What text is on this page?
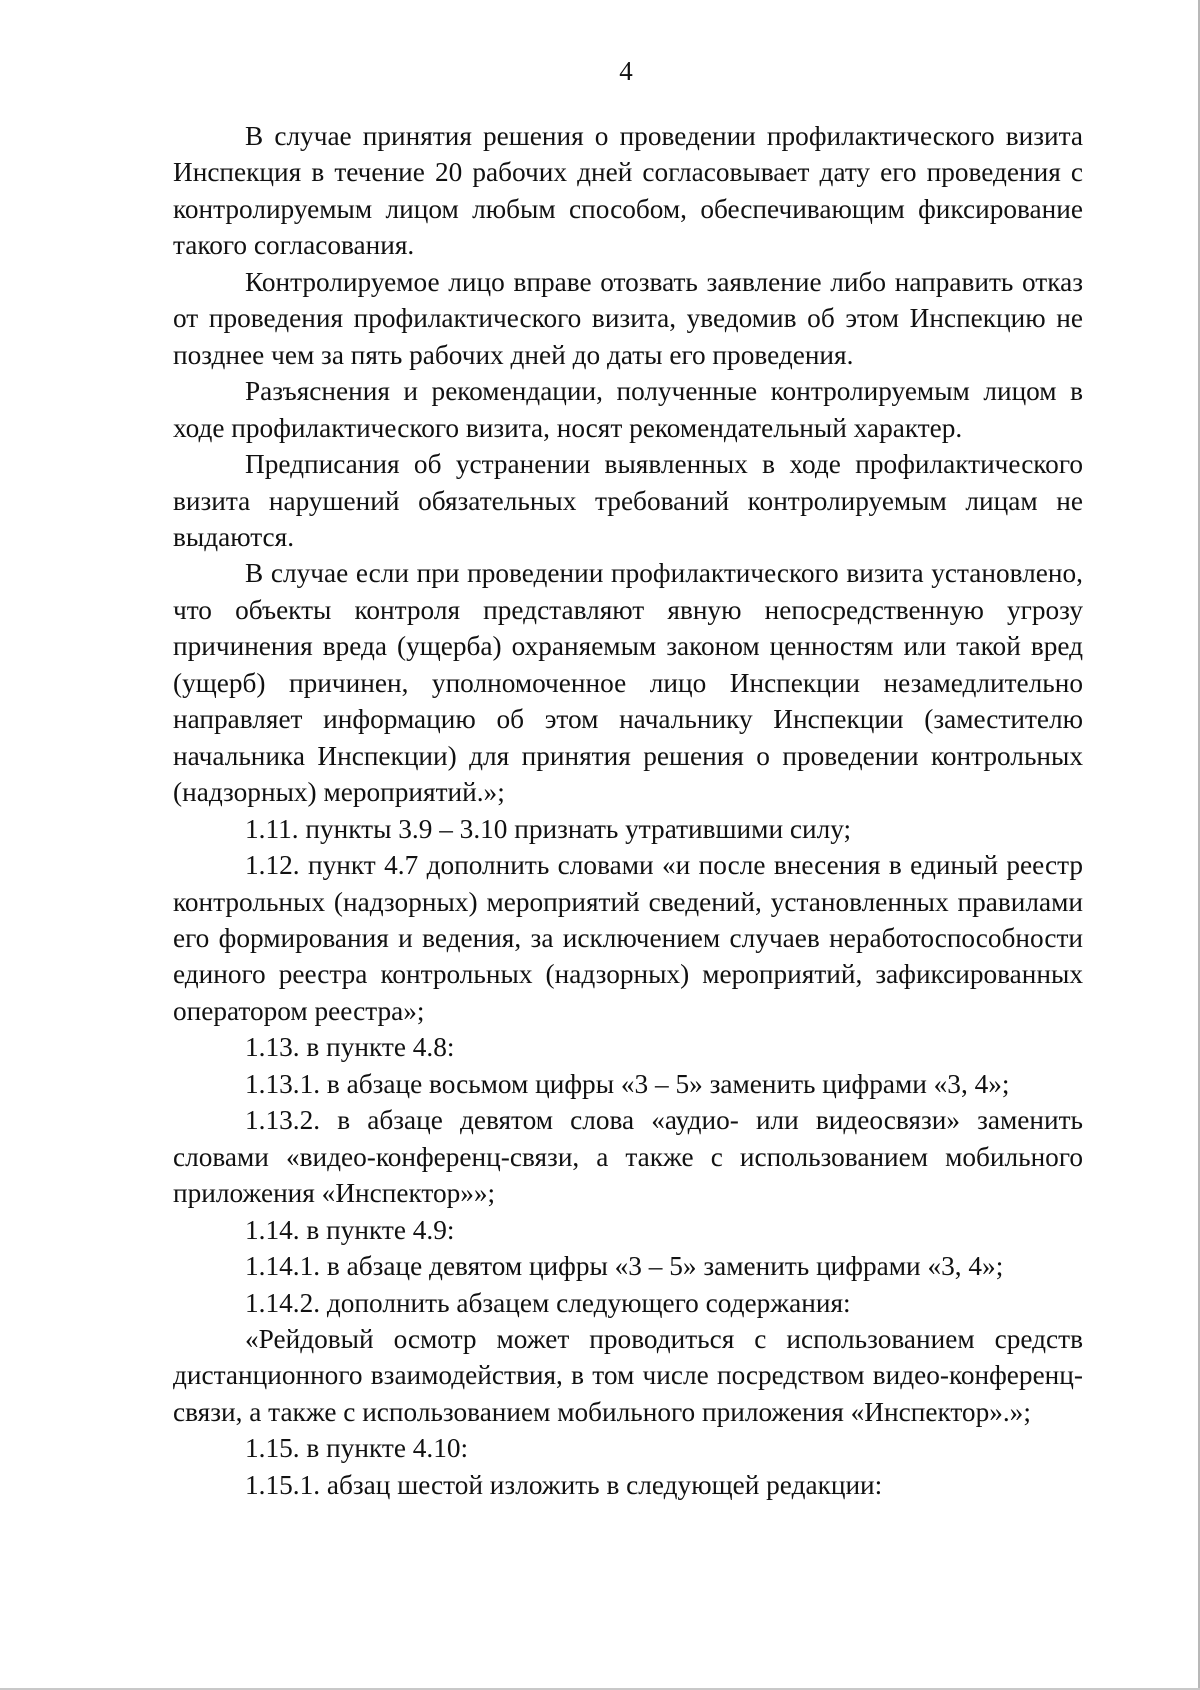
4

В случае принятия решения о проведении профилактического визита Инспекция в течение 20 рабочих дней согласовывает дату его проведения с контролируемым лицом любым способом, обеспечивающим фиксирование такого согласования.

Контролируемое лицо вправе отозвать заявление либо направить отказ от проведения профилактического визита, уведомив об этом Инспекцию не позднее чем за пять рабочих дней до даты его проведения.

Разъяснения и рекомендации, полученные контролируемым лицом в ходе профилактического визита, носят рекомендательный характер.

Предписания об устранении выявленных в ходе профилактического визита нарушений обязательных требований контролируемым лицам не выдаются.

В случае если при проведении профилактического визита установлено, что объекты контроля представляют явную непосредственную угрозу причинения вреда (ущерба) охраняемым законом ценностям или такой вред (ущерб) причинен, уполномоченное лицо Инспекции незамедлительно направляет информацию об этом начальнику Инспекции (заместителю начальника Инспекции) для принятия решения о проведении контрольных (надзорных) мероприятий.»;

1.11. пункты 3.9 – 3.10 признать утратившими силу;

1.12. пункт 4.7 дополнить словами «и после внесения в единый реестр контрольных (надзорных) мероприятий сведений, установленных правилами его формирования и ведения, за исключением случаев неработоспособности единого реестра контрольных (надзорных) мероприятий, зафиксированных оператором реестра»;

1.13. в пункте 4.8:

1.13.1. в абзаце восьмом цифры «3 – 5» заменить цифрами «3, 4»;

1.13.2. в абзаце девятом слова «аудио- или видеосвязи» заменить словами «видео-конференц-связи, а также с использованием мобильного приложения «Инспектор»»;

1.14. в пункте 4.9:

1.14.1. в абзаце девятом цифры «3 – 5» заменить цифрами «3, 4»;

1.14.2. дополнить абзацем следующего содержания:

«Рейдовый осмотр может проводиться с использованием средств дистанционного взаимодействия, в том числе посредством видео-конференц-связи, а также с использованием мобильного приложения «Инспектор».»;

1.15. в пункте 4.10:

1.15.1. абзац шестой изложить в следующей редакции:
